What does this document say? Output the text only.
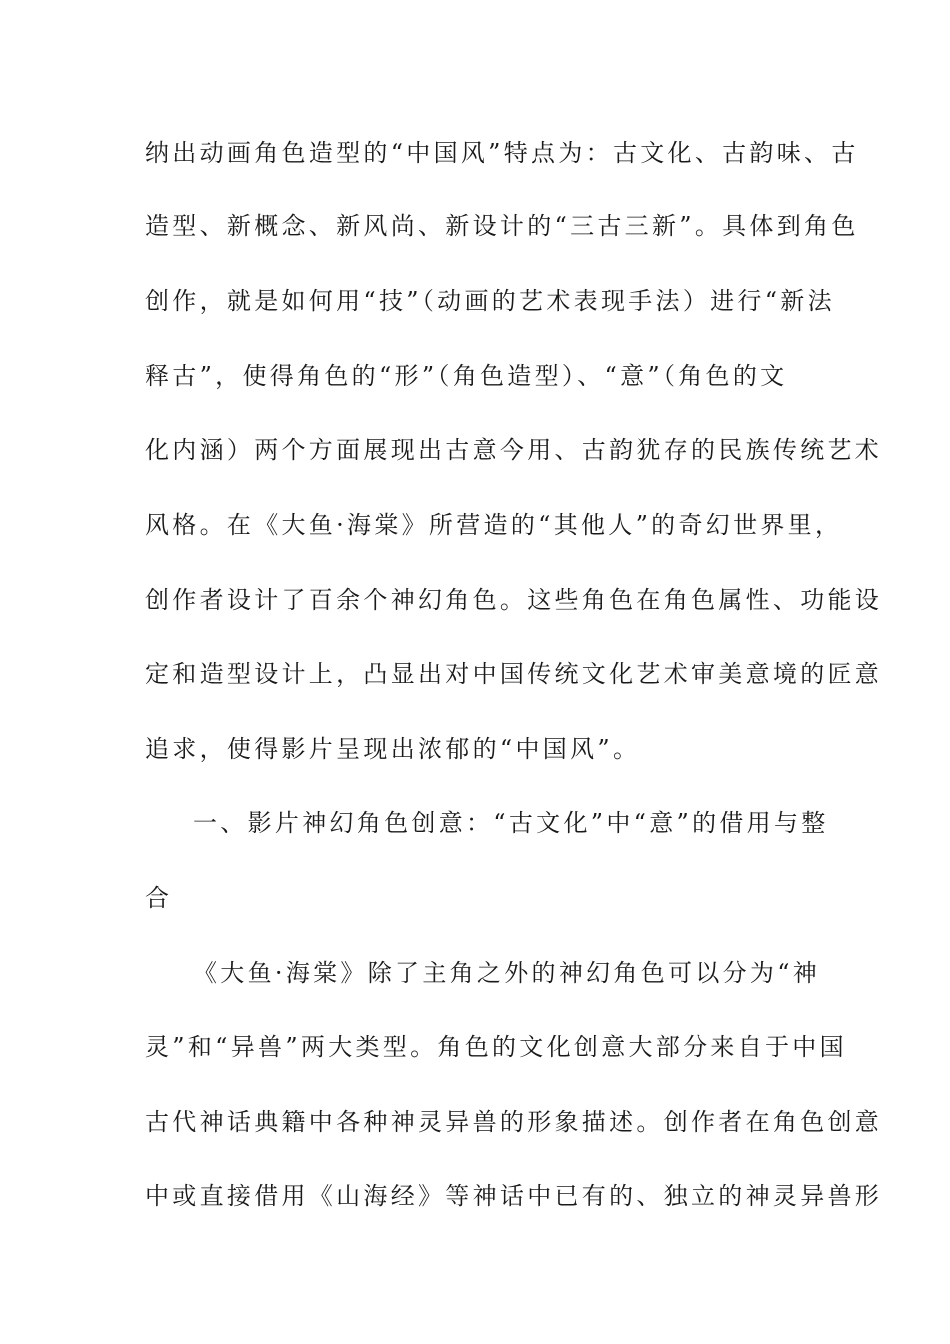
纳出动画角色造型的“中国风”特点为：古文化、古韵味、古
造型、新概念、新风尚、新设计的“三古三新”。具体到角色
创作，就是如何用“技”（动画的艺术表现手法）进行“新法
释古”，使得角色的“形”（角色造型）、“意”（角色的文
化内涵）两个方面展现出古意今用、古韵犹存的民族传统艺术
风格。在《大鱼·海棠》所营造的“其他人”的奇幻世界里，
创作者设计了百余个神幻角色。这些角色在角色属性、功能设
定和造型设计上，凸显出对中国传统文化艺术审美意境的匠意
追求，使得影片呈现出浓郁的“中国风”。
一、影片神幻角色创意：“古文化”中“意”的借用与整
合
《大鱼·海棠》除了主角之外的神幻角色可以分为“神
灵”和“异兽”两大类型。角色的文化创意大部分来自于中国
古代神话典籍中各种神灵异兽的形象描述。创作者在角色创意
中或直接借用《山海经》等神话中已有的、独立的神灵异兽形
